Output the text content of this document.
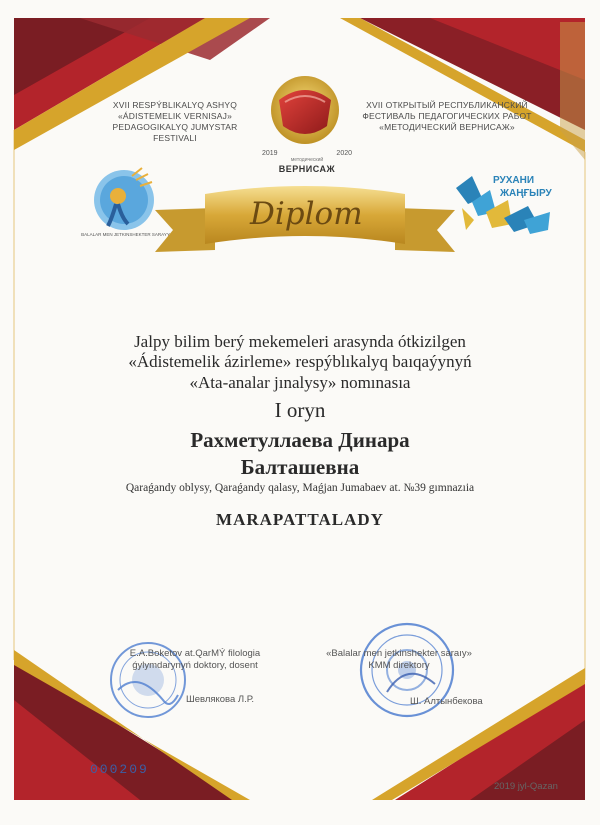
XVII RESPÝBLIKALYQ ASHYQ
«ÁDISTEMELIK VERNISAJ»
PEDAGOGIKALYQ JUMYSTAR FESTIVALI
XVII ОТКРЫТЫЙ РЕСПУБЛИКАНСКИЙ
ФЕСТИВАЛЬ ПЕДАГОГИЧЕСКИХ РАБОТ
«МЕТОДИЧЕСКИЙ ВЕРНИСАЖ»
2019	2020
методический
ВЕРНИСАЖ
BALALAR MEN JETKINSHEKTER SARAYY
РУХАНИ
ЖАҢҒЫРУ
Diplom
Jalpy bilim berý mekemeleri arasynda ótkizilgen
«Ádistemelik ázirleme» respýblıkalyq baıqaýynyń
«Ata-analar jınalysy» nomınasıa
I oryn
Рахметуллаева Динара
Балташевна
Qaraǵandy oblysy, Qaraǵandy qalasy, Maǵjan Jumabaev at. №39 gımnazıia
MARAPATTALADY
E.A.Boketov at.QarMÝ filologia
ǵylymdarynyń doktory, dosent
Шевлякова Л.Р.
«Balalar men jetkinshekter saraıy»
KMM direktory
Ш. Алтынбекова
000209
2019 jyl-Qazan
